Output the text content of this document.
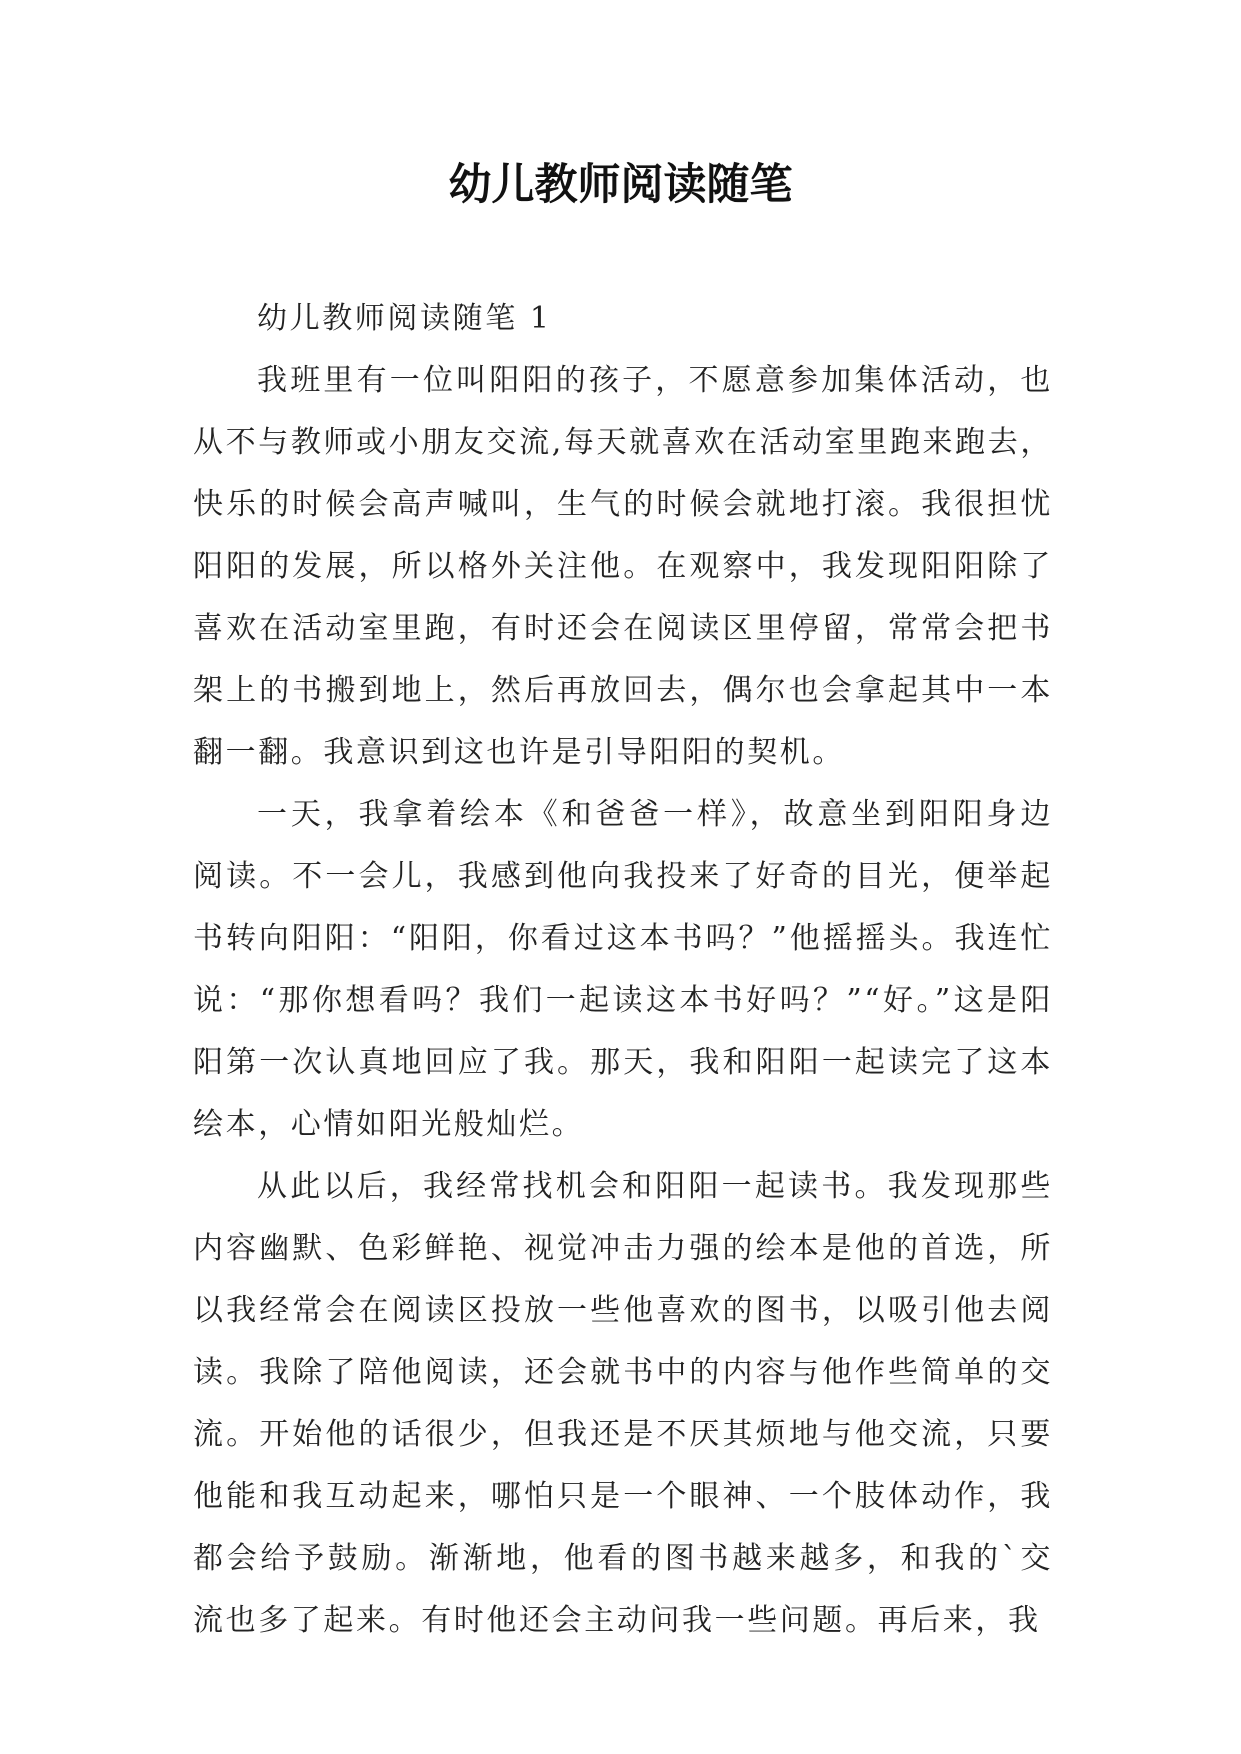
幼儿教师阅读随笔
幼儿教师阅读随笔 1

我班里有一位叫阳阳的孩子，不愿意参加集体活动，也从不与教师或小朋友交流,每天就喜欢在活动室里跑来跑去，快乐的时候会高声喊叫，生气的时候会就地打滚。我很担忧阳阳的发展，所以格外关注他。在观察中，我发现阳阳除了喜欢在活动室里跑，有时还会在阅读区里停留，常常会把书架上的书搬到地上，然后再放回去，偶尔也会拿起其中一本翻一翻。我意识到这也许是引导阳阳的契机。

一天，我拿着绘本《和爸爸一样》，故意坐到阳阳身边阅读。不一会儿，我感到他向我投来了好奇的目光，便举起书转向阳阳：“阳阳，你看过这本书吗？”他摇摇头。我连忙说：“那你想看吗？我们一起读这本书好吗？”“好。”这是阳阳第一次认真地回应了我。那天，我和阳阳一起读完了这本绘本，心情如阳光般灿烂。

从此以后，我经常找机会和阳阳一起读书。我发现那些内容幽默、色彩鲜艳、视觉冲击力强的绘本是他的首选，所以我经常会在阅读区投放一些他喜欢的图书，以吸引他去阅读。我除了陪他阅读，还会就书中的内容与他作些简单的交流。开始他的话很少，但我还是不厌其烦地与他交流，只要他能和我互动起来，哪怕只是一个眼神、一个肢体动作，我都会给予鼓励。渐渐地，他看的图书越来越多，和我的`交流也多了起来。有时他还会主动问我一些问题。再后来，我
